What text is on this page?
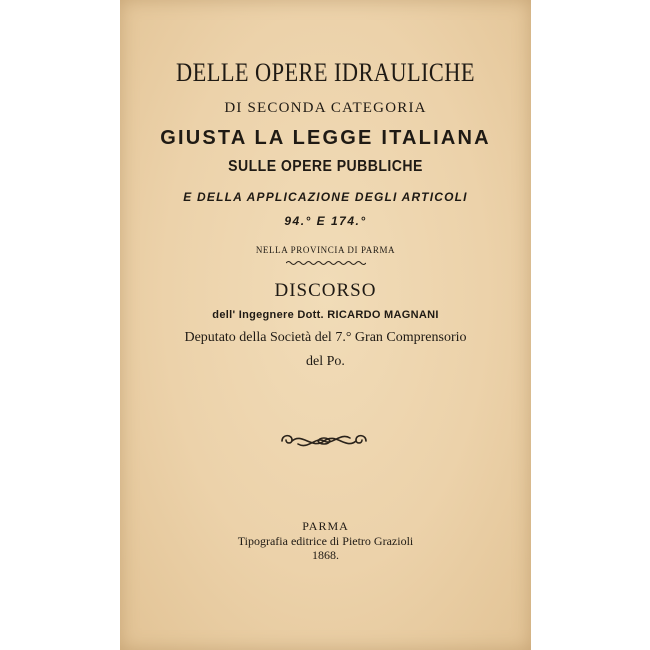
DELLE OPERE IDRAULICHE
DI SECONDA CATEGORIA
GIUSTA LA LEGGE ITALIANA
SULLE OPERE PUBBLICHE
E DELLA APPLICAZIONE DEGLI ARTICOLI
94.° E 174.°
NELLA PROVINCIA DI PARMA
DISCORSO
dell' Ingegnere Dott. RICARDO MAGNANI
Deputato della Società del 7.° Gran Comprensorio
del Po.
PARMA
Tipografia editrice di Pietro Grazioli
1868.
